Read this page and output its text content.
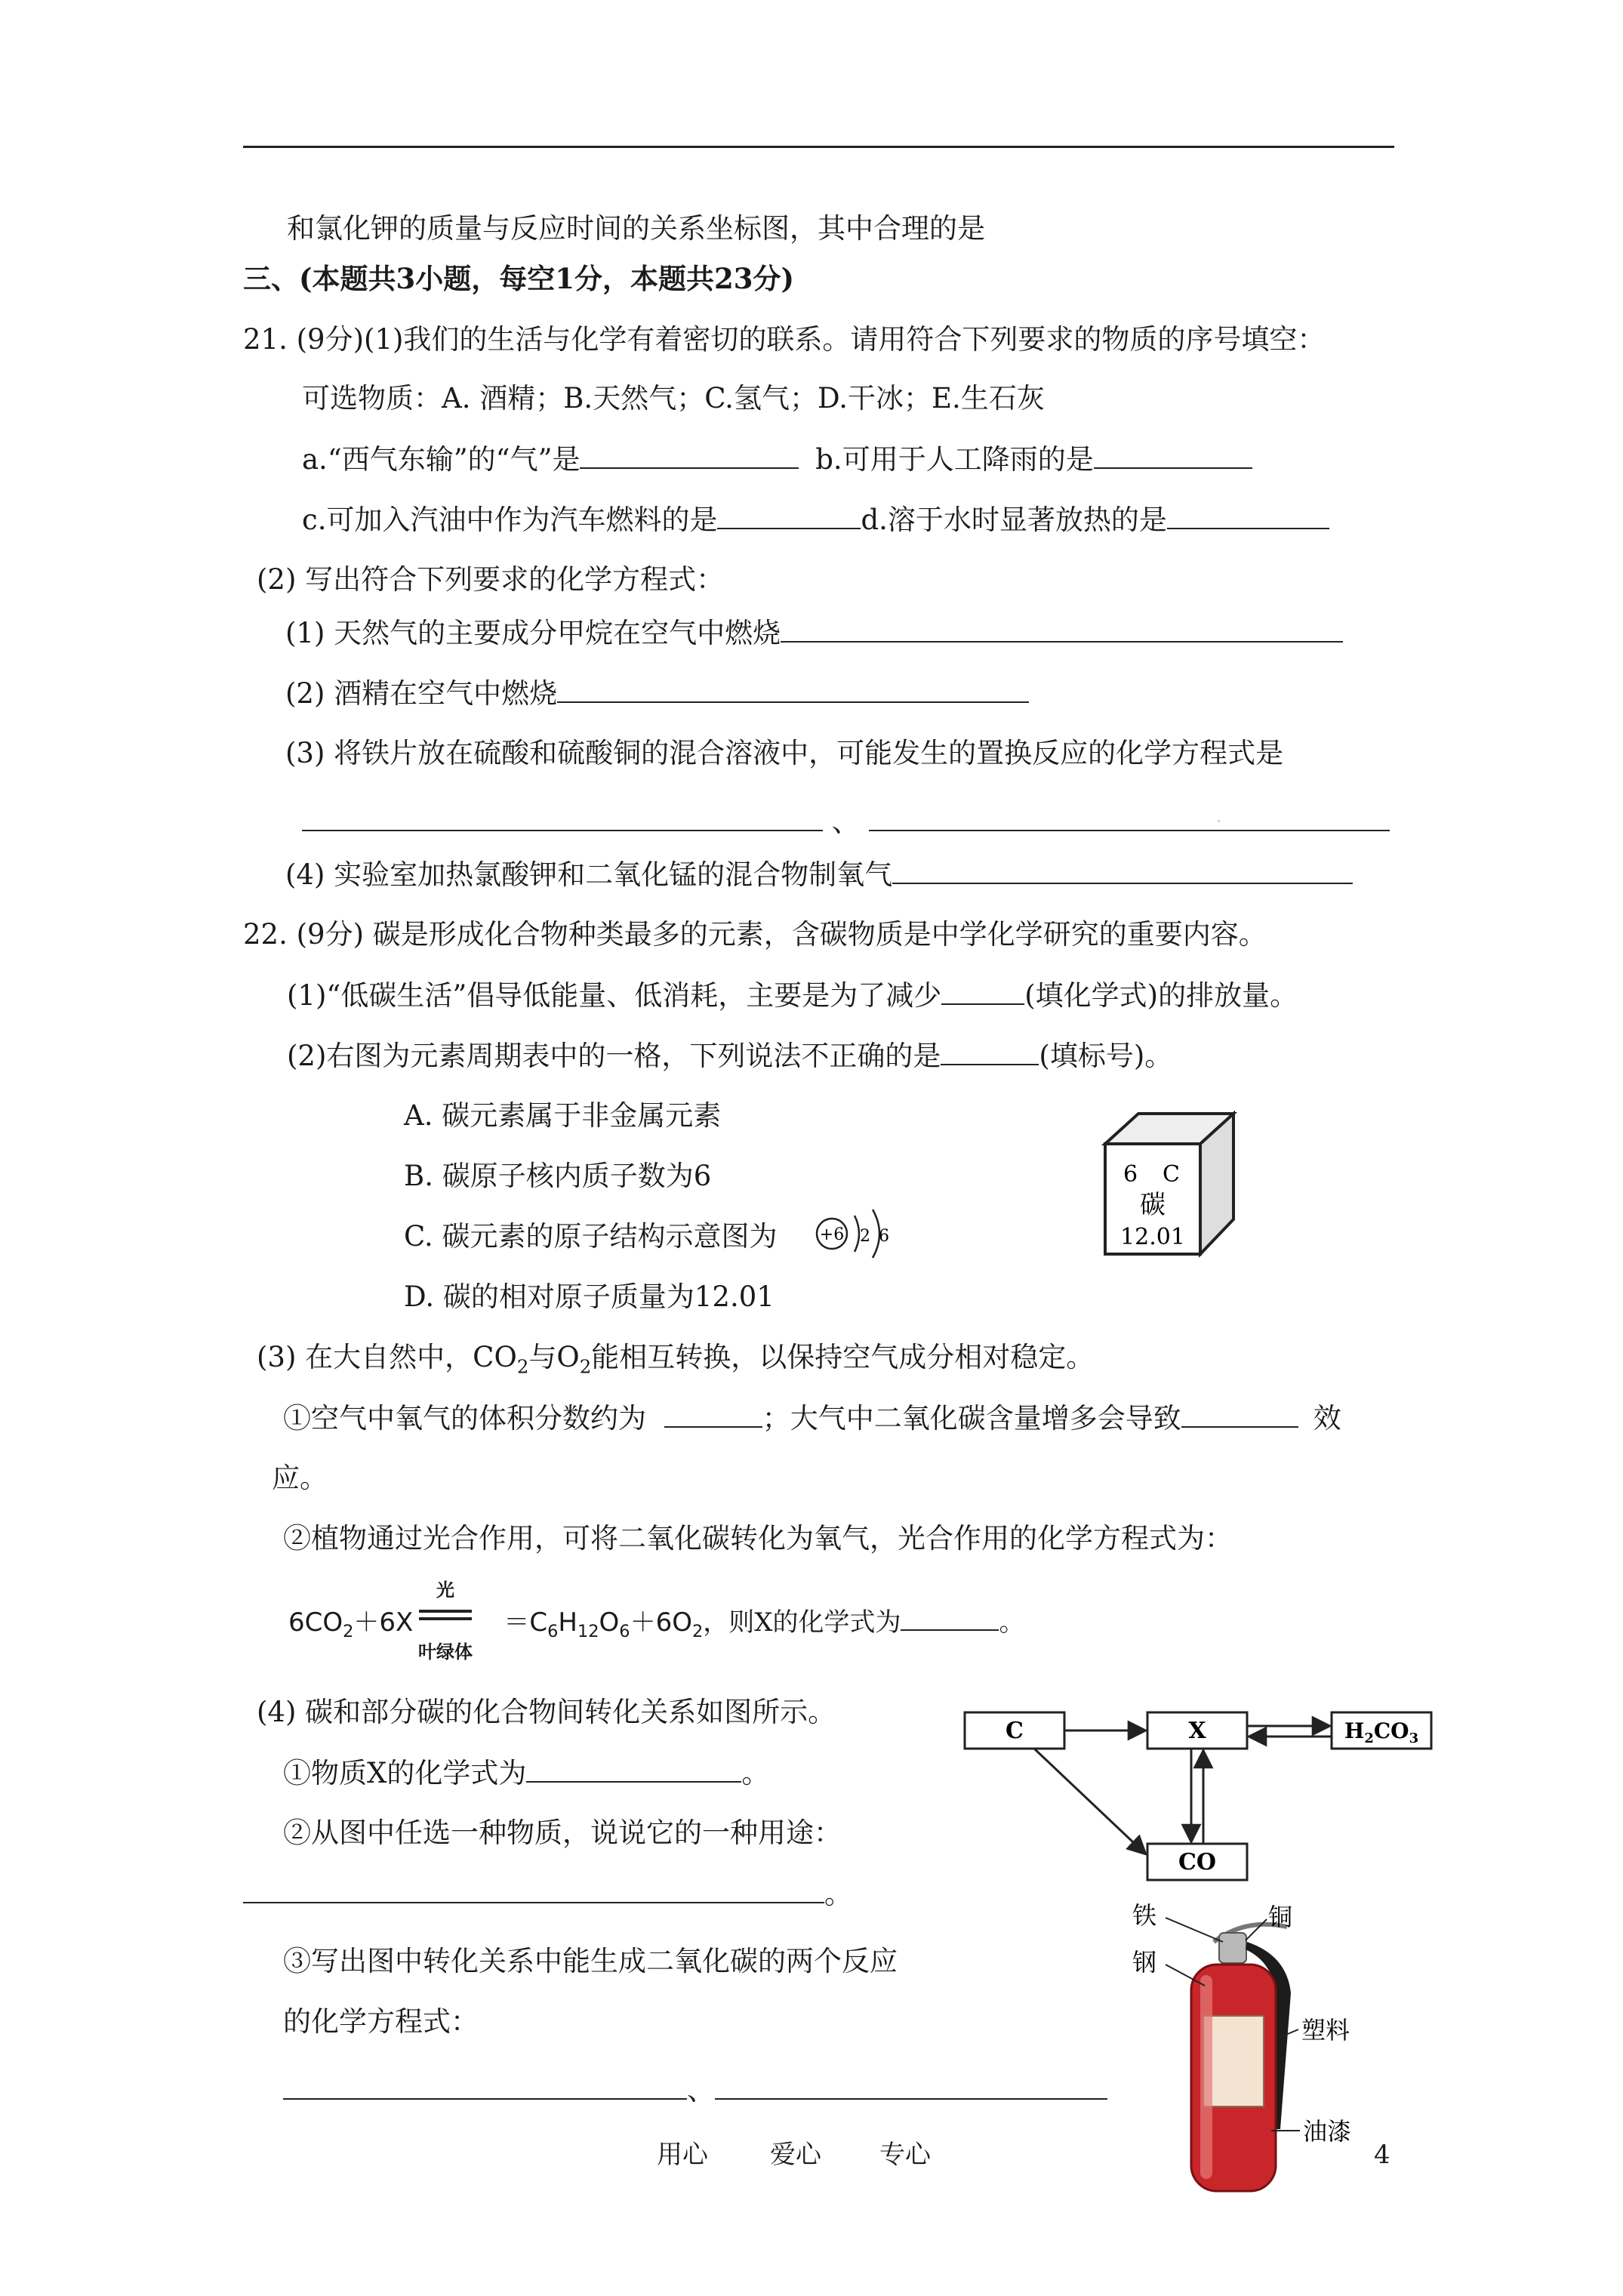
和氯化钾的质量与反应时间的关系坐标图，其中合理的是
三、(本题共3小题，每空1分，本题共23分)
21. (9分)(1)我们的生活与化学有着密切的联系。请用符合下列要求的物质的序号填空：
可选物质：A. 酒精；B.天然气；C.氢气；D.干冰；E.生石灰
a.“西气东输”的“气”是	b.可用于人工降雨的是
c.可加入汽油中作为汽车燃料的是	d.溶于水时显著放热的是
(2) 写出符合下列要求的化学方程式：
(1) 天然气的主要成分甲烷在空气中燃烧
(2) 酒精在空气中燃烧
(3) 将铁片放在硫酸和硫酸铜的混合溶液中，可能发生的置换反应的化学方程式是
、	·
(4) 实验室加热氯酸钾和二氧化锰的混合物制氧气
22. (9分) 碳是形成化合物种类最多的元素，含碳物质是中学化学研究的重要内容。
(1)“低碳生活”倡导低能量、低消耗，主要是为了减少	(填化学式)的排放量。
(2)右图为元素周期表中的一格，下列说法不正确的是	(填标号)。
A. 碳元素属于非金属元素
B. 碳原子核内质子数为6
C. 碳元素的原子结构示意图为
D. 碳的相对原子质量为12.01
+6 2 6
6 C
碳
12.01
(3) 在大自然中，$CO_2$与$O_2$能相互转换，以保持空气成分相对稳定。
①空气中氧气的体积分数约为	；大气中二氧化碳含量增多会导致	效
应。
②植物通过光合作用，可将二氧化碳转化为氧气，光合作用的化学方程式为：
$6CO_2+6X$	$=C_6H_{12}O_6+6O_2$，则X的化学式为	。
光
叶绿体
(4) 碳和部分碳的化合物间转化关系如图所示。
①物质X的化学式为	。
②从图中任选一种物质，说说它的一种用途：
。
③写出图中转化关系中能生成二氧化碳的两个反应
的化学方程式：
、
C	X	$H_2CO_3$
CO
铁	铜
钢
塑料
油漆
用心 爱心 专心	4
